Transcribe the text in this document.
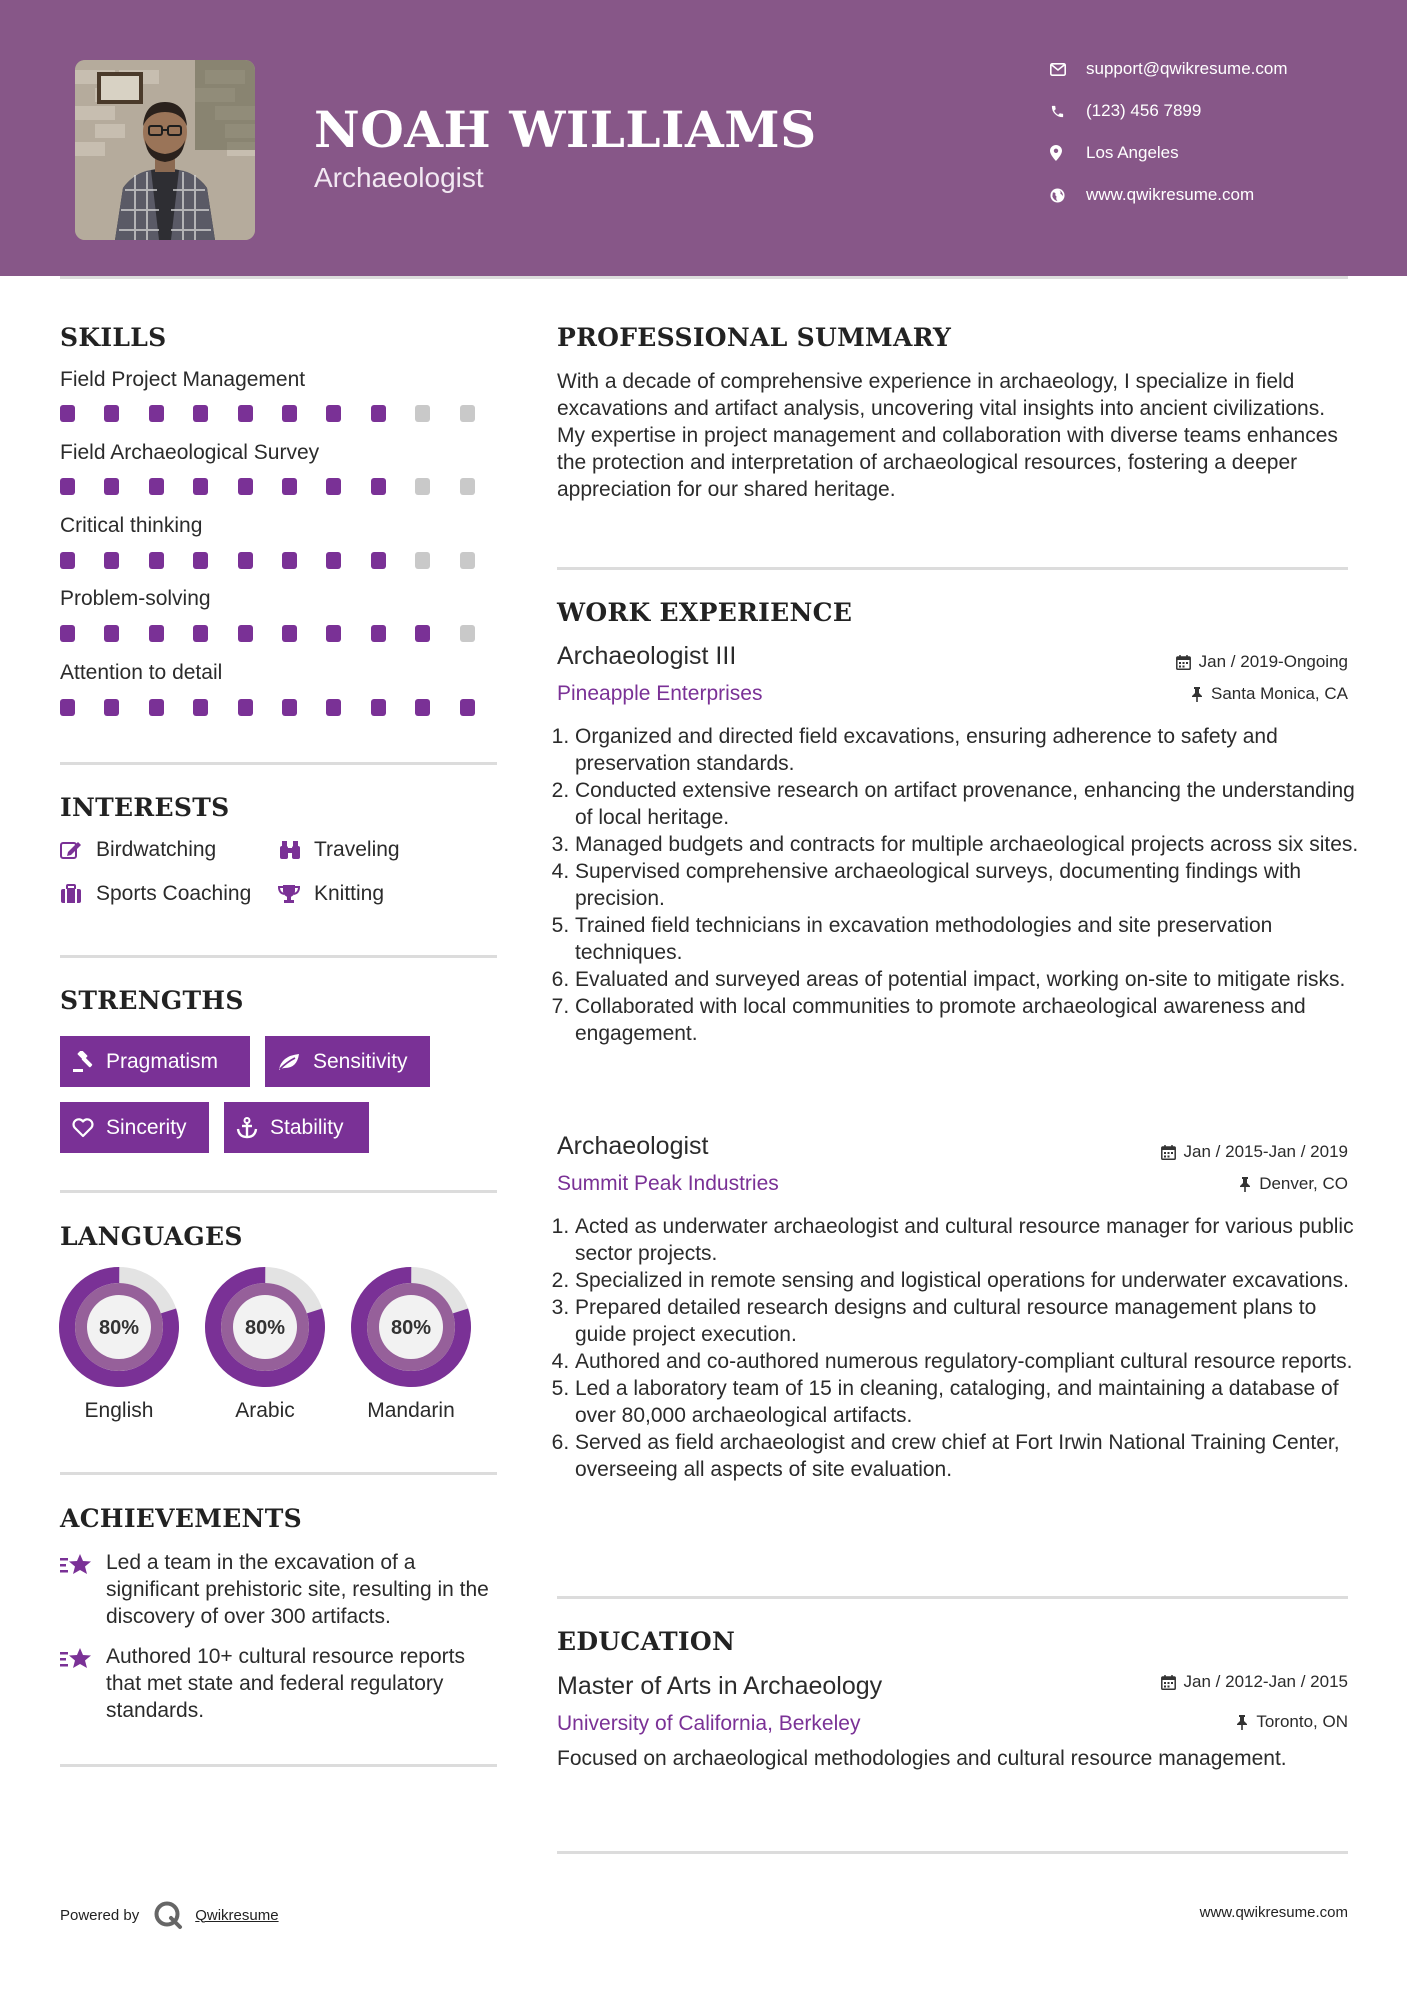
NOAH WILLIAMS
Archaeologist
support@qwikresume.com
(123) 456 7899
Los Angeles
www.qwikresume.com
SKILLS
Field Project Management
Field Archaeological Survey
Critical thinking
Problem-solving
Attention to detail
INTERESTS
Birdwatching	Traveling
Sports Coaching	Knitting
STRENGTHS
Pragmatism	Sensitivity
Sincerity	Stability
LANGUAGES
80%
English
80%
Arabic
80%
Mandarin
ACHIEVEMENTS
Led a team in the excavation of a significant prehistoric site, resulting in the discovery of over 300 artifacts.
Authored 10+ cultural resource reports that met state and federal regulatory standards.
PROFESSIONAL SUMMARY
With a decade of comprehensive experience in archaeology, I specialize in field excavations and artifact analysis, uncovering vital insights into ancient civilizations. My expertise in project management and collaboration with diverse teams enhances the protection and interpretation of archaeological resources, fostering a deeper appreciation for our shared heritage.
WORK EXPERIENCE
Archaeologist III	Jan / 2019-Ongoing
Pineapple Enterprises	Santa Monica, CA
1. Organized and directed field excavations, ensuring adherence to safety and preservation standards.
2. Conducted extensive research on artifact provenance, enhancing the understanding of local heritage.
3. Managed budgets and contracts for multiple archaeological projects across six sites.
4. Supervised comprehensive archaeological surveys, documenting findings with precision.
5. Trained field technicians in excavation methodologies and site preservation techniques.
6. Evaluated and surveyed areas of potential impact, working on-site to mitigate risks.
7. Collaborated with local communities to promote archaeological awareness and engagement.
Archaeologist	Jan / 2015-Jan / 2019
Summit Peak Industries	Denver, CO
1. Acted as underwater archaeologist and cultural resource manager for various public sector projects.
2. Specialized in remote sensing and logistical operations for underwater excavations.
3. Prepared detailed research designs and cultural resource management plans to guide project execution.
4. Authored and co-authored numerous regulatory-compliant cultural resource reports.
5. Led a laboratory team of 15 in cleaning, cataloging, and maintaining a database of over 80,000 archaeological artifacts.
6. Served as field archaeologist and crew chief at Fort Irwin National Training Center, overseeing all aspects of site evaluation.
EDUCATION
Master of Arts in Archaeology	Jan / 2012-Jan / 2015
University of California, Berkeley	Toronto, ON
Focused on archaeological methodologies and cultural resource management.
Powered by	Qwikresume	www.qwikresume.com
